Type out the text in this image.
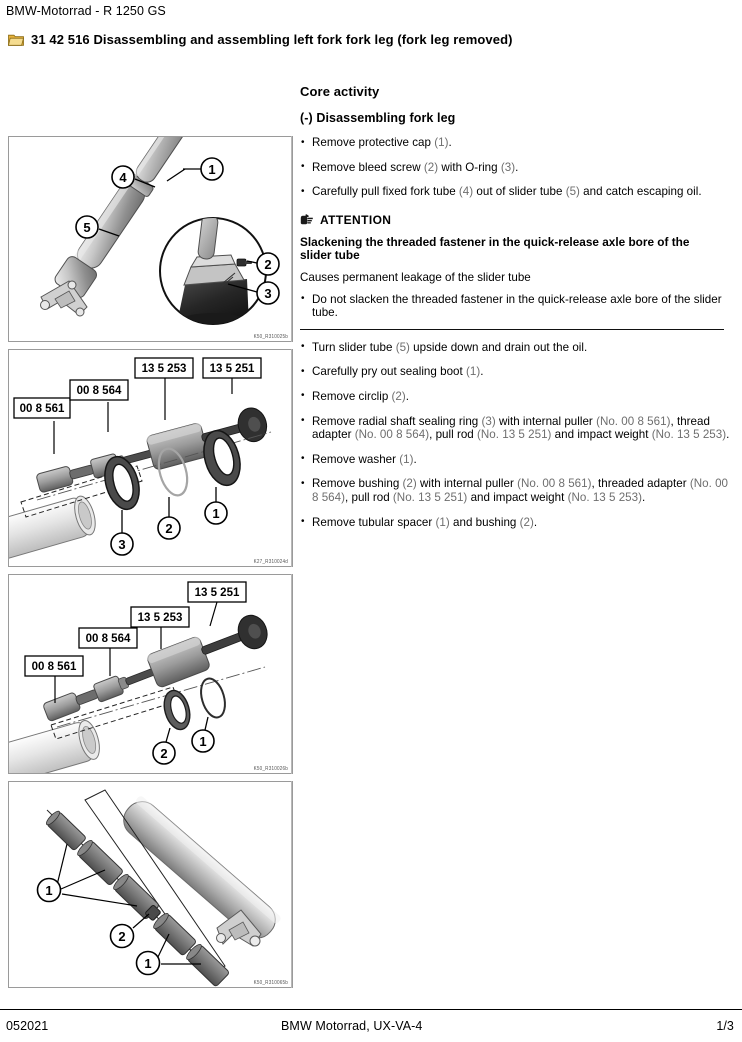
BMW-Motorrad - R 1250 GS
31 42 516 Disassembling and assembling left fork fork leg (fork leg removed)
1
4
5
2
3
K50_R310025b
00 8 561
00 8 564
13 5 253 13 5 251
3
2
1
K27_R310024d
00 8 561
00 8 564
13 5 253
13 5 251
2
1
K50_R310026b
1
2
1
K50_R310065b
Core activity
(-) Disassembling fork leg
• Remove protective cap (1).
• Remove bleed screw (2) with O-ring (3).
• Carefully pull fixed fork tube (4) out of slider tube (5) and catch escaping oil.
ATTENTION
Slackening the threaded fastener in the quick-release axle bore of the slider tube
Causes permanent leakage of the slider tube
• Do not slacken the threaded fastener in the quick-release axle bore of the slider tube.
• Turn slider tube (5) upside down and drain out the oil.
• Carefully pry out sealing boot (1).
• Remove circlip (2).
• Remove radial shaft sealing ring (3) with internal puller (No. 00 8 561), thread adapter (No. 00 8 564), pull rod (No. 13 5 251) and impact weight (No. 13 5 253).
• Remove washer (1).
• Remove bushing (2) with internal puller (No. 00 8 561), threaded adapter (No. 00 8 564), pull rod (No. 13 5 251) and impact weight (No. 13 5 253).
• Remove tubular spacer (1) and bushing (2).
052021	BMW Motorrad, UX-VA-4	1/3
